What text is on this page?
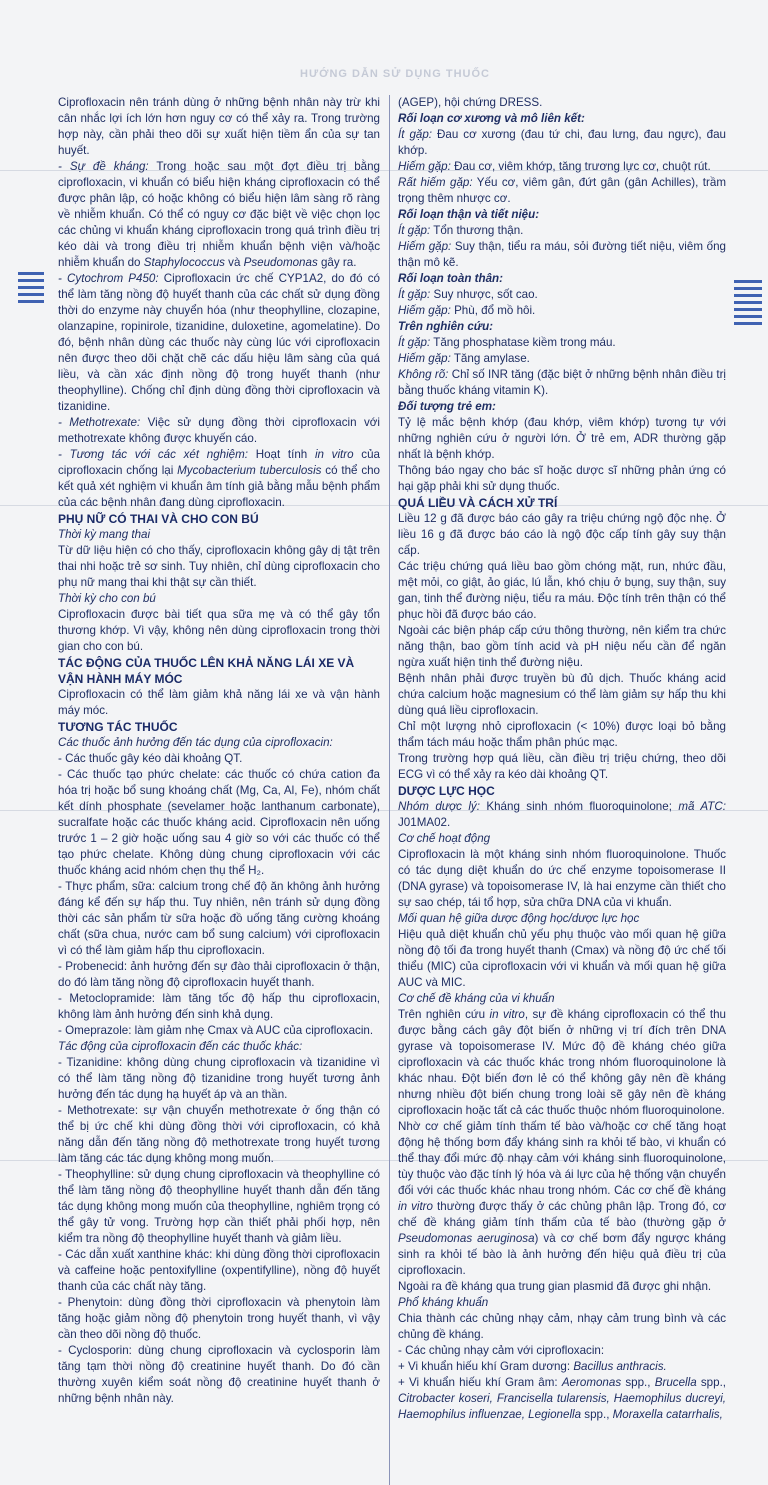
HƯỚNG DẪN SỬ DỤNG THUỐC

Ciprofloxacin nên tránh dùng ở những bệnh nhân này trừ khi cân nhắc lợi ích lớn hơn nguy cơ có thể xảy ra. Trong trường hợp này, cần phải theo dõi sự xuất hiện tiềm ẩn của sự tan huyết.

- Sự đề kháng: Trong hoặc sau một đợt điều trị bằng ciprofloxacin, vi khuẩn có biểu hiện kháng ciprofloxacin có thể được phân lập, có hoặc không có biểu hiện lâm sàng rõ ràng về nhiễm khuẩn. Có thể có nguy cơ đặc biệt về việc chọn lọc các chủng vi khuẩn kháng ciprofloxacin trong quá trình điều trị kéo dài và trong điều trị nhiễm khuẩn bệnh viện và/hoặc nhiễm khuẩn do Staphylococcus và Pseudomonas gây ra.

- Cytochrom P450: Ciprofloxacin ức chế CYP1A2, do đó có thể làm tăng nồng độ huyết thanh của các chất sử dụng đồng thời do enzyme này chuyển hóa (như theophylline, clozapine, olanzapine, ropinirole, tizanidine, duloxetine, agomelatine). Do đó, bệnh nhân dùng các thuốc này cùng lúc với ciprofloxacin nên được theo dõi chặt chẽ các dấu hiệu lâm sàng của quá liều, và cần xác định nồng độ trong huyết thanh (như theophylline). Chống chỉ định dùng đồng thời ciprofloxacin và tizanidine.

- Methotrexate: Việc sử dụng đồng thời ciprofloxacin với methotrexate không được khuyến cáo.

- Tương tác với các xét nghiệm: Hoạt tính in vitro của ciprofloxacin chống lại Mycobacterium tuberculosis có thể cho kết quả xét nghiệm vi khuẩn âm tính giả bằng mẫu bệnh phẩm của các bệnh nhân đang dùng ciprofloxacin.

PHỤ NỮ CÓ THAI VÀ CHO CON BÚ

Thời kỳ mang thai

Từ dữ liệu hiện có cho thấy, ciprofloxacin không gây dị tật trên thai nhi hoặc trẻ sơ sinh. Tuy nhiên, chỉ dùng ciprofloxacin cho phụ nữ mang thai khi thật sự cần thiết.

Thời kỳ cho con bú

Ciprofloxacin được bài tiết qua sữa mẹ và có thể gây tổn thương khớp. Vì vậy, không nên dùng ciprofloxacin trong thời gian cho con bú.

TÁC ĐỘNG CỦA THUỐC LÊN KHẢ NĂNG LÁI XE VÀ VẬN HÀNH MÁY MÓC

Ciprofloxacin có thể làm giảm khả năng lái xe và vận hành máy móc.

TƯƠNG TÁC THUỐC

Các thuốc ảnh hưởng đến tác dụng của ciprofloxacin:

- Các thuốc gây kéo dài khoảng QT.

- Các thuốc tạo phức chelate: các thuốc có chứa cation đa hóa trị hoặc bổ sung khoáng chất (Mg, Ca, Al, Fe), nhóm chất kết dính phosphate (sevelamer hoặc lanthanum carbonate), sucralfate hoặc các thuốc kháng acid. Ciprofloxacin nên uống trước 1 – 2 giờ hoặc uống sau 4 giờ so với các thuốc có thể tạo phức chelate. Không dùng chung ciprofloxacin với các thuốc kháng acid nhóm chẹn thụ thể H₂.

- Thực phẩm, sữa: calcium trong chế độ ăn không ảnh hưởng đáng kể đến sự hấp thu. Tuy nhiên, nên tránh sử dụng đồng thời các sản phẩm từ sữa hoặc đồ uống tăng cường khoáng chất (sữa chua, nước cam bổ sung calcium) với ciprofloxacin vì có thể làm giảm hấp thu ciprofloxacin.

- Probenecid: ảnh hưởng đến sự đào thải ciprofloxacin ở thận, do đó làm tăng nồng độ ciprofloxacin huyết thanh.

- Metoclopramide: làm tăng tốc độ hấp thu ciprofloxacin, không làm ảnh hưởng đến sinh khả dụng.

- Omeprazole: làm giảm nhẹ Cmax và AUC của ciprofloxacin.

Tác động của ciprofloxacin đến các thuốc khác:

- Tizanidine: không dùng chung ciprofloxacin và tizanidine vì có thể làm tăng nồng độ tizanidine trong huyết tương ảnh hưởng đến tác dụng hạ huyết áp và an thần.

- Methotrexate: sự vận chuyển methotrexate ở ống thận có thể bị ức chế khi dùng đồng thời với ciprofloxacin, có khả năng dẫn đến tăng nồng độ methotrexate trong huyết tương làm tăng các tác dụng không mong muốn.

- Theophylline: sử dụng chung ciprofloxacin và theophylline có thể làm tăng nồng độ theophylline huyết thanh dẫn đến tăng tác dụng không mong muốn của theophylline, nghiêm trọng có thể gây tử vong. Trường hợp cần thiết phải phối hợp, nên kiểm tra nồng độ theophylline huyết thanh và giảm liều.

- Các dẫn xuất xanthine khác: khi dùng đồng thời ciprofloxacin và caffeine hoặc pentoxifylline (oxpentifylline), nồng độ huyết thanh của các chất này tăng.

- Phenytoin: dùng đồng thời ciprofloxacin và phenytoin làm tăng hoặc giảm nồng độ phenytoin trong huyết thanh, vì vậy cần theo dõi nồng độ thuốc.

- Cyclosporin: dùng chung ciprofloxacin và cyclosporin làm tăng tạm thời nồng độ creatinine huyết thanh. Do đó cần thường xuyên kiểm soát nồng độ creatinine huyết thanh ở những bệnh nhân này.

(AGEP), hội chứng DRESS.

Rối loạn cơ xương và mô liên kết:

Ít gặp: Đau cơ xương (đau tứ chi, đau lưng, đau ngực), đau khớp.

Hiếm gặp: Đau cơ, viêm khớp, tăng trương lực cơ, chuột rút.

Rất hiếm gặp: Yếu cơ, viêm gân, đứt gân (gân Achilles), trầm trọng thêm nhược cơ.

Rối loạn thận và tiết niệu:

Ít gặp: Tổn thương thận.

Hiếm gặp: Suy thận, tiểu ra máu, sỏi đường tiết niệu, viêm ống thận mô kẽ.

Rối loạn toàn thân:

Ít gặp: Suy nhược, sốt cao.

Hiếm gặp: Phù, đổ mồ hôi.

Trên nghiên cứu:

Ít gặp: Tăng phosphatase kiềm trong máu.

Hiếm gặp: Tăng amylase.

Không rõ: Chỉ số INR tăng (đặc biệt ở những bệnh nhân điều trị bằng thuốc kháng vitamin K).

Đối tượng trẻ em:

Tỷ lệ mắc bệnh khớp (đau khớp, viêm khớp) tương tự với những nghiên cứu ở người lớn. Ở trẻ em, ADR thường gặp nhất là bệnh khớp.

Thông báo ngay cho bác sĩ hoặc dược sĩ những phản ứng có hại gặp phải khi sử dụng thuốc.

QUÁ LIỀU VÀ CÁCH XỬ TRÍ

Liều 12 g đã được báo cáo gây ra triệu chứng ngộ độc nhẹ. Ở liều 16 g đã được báo cáo là ngộ độc cấp tính gây suy thận cấp.

Các triệu chứng quá liều bao gồm chóng mặt, run, nhức đầu, mệt mỏi, co giật, ảo giác, lú lẫn, khó chịu ở bụng, suy thận, suy gan, tinh thể đường niệu, tiểu ra máu. Độc tính trên thận có thể phục hồi đã được báo cáo.

Ngoài các biện pháp cấp cứu thông thường, nên kiểm tra chức năng thận, bao gồm tính acid và pH niệu nếu cần để ngăn ngừa xuất hiện tinh thể đường niệu.

Bệnh nhân phải được truyền bù đủ dịch. Thuốc kháng acid chứa calcium hoặc magnesium có thể làm giảm sự hấp thu khi dùng quá liều ciprofloxacin.

Chỉ một lượng nhỏ ciprofloxacin (< 10%) được loại bỏ bằng thẩm tách máu hoặc thẩm phân phúc mạc.

Trong trường hợp quá liều, cần điều trị triệu chứng, theo dõi ECG vì có thể xảy ra kéo dài khoảng QT.

DƯỢC LỰC HỌC

Nhóm dược lý: Kháng sinh nhóm fluoroquinolone; mã ATC: J01MA02.

Cơ chế hoạt động

Ciprofloxacin là một kháng sinh nhóm fluoroquinolone. Thuốc có tác dụng diệt khuẩn do ức chế enzyme topoisomerase II (DNA gyrase) và topoisomerase IV, là hai enzyme cần thiết cho sự sao chép, tái tổ hợp, sửa chữa DNA của vi khuẩn.

Mối quan hệ giữa dược động học/dược lực học

Hiệu quả diệt khuẩn chủ yếu phụ thuộc vào mối quan hệ giữa nồng độ tối đa trong huyết thanh (Cmax) và nồng độ ức chế tối thiểu (MIC) của ciprofloxacin với vi khuẩn và mối quan hệ giữa AUC và MIC.

Cơ chế đề kháng của vi khuẩn

Trên nghiên cứu in vitro, sự đề kháng ciprofloxacin có thể thu được bằng cách gây đột biến ở những vị trí đích trên DNA gyrase và topoisomerase IV. Mức độ đề kháng chéo giữa ciprofloxacin và các thuốc khác trong nhóm fluoroquinolone là khác nhau. Đột biến đơn lẻ có thể không gây nên đề kháng nhưng nhiều đột biến chung trong loài sẽ gây nên đề kháng ciprofloxacin hoặc tất cả các thuốc thuộc nhóm fluoroquinolone.

Nhờ cơ chế giảm tính thấm tế bào và/hoặc cơ chế tăng hoạt động hệ thống bơm đẩy kháng sinh ra khỏi tế bào, vi khuẩn có thể thay đổi mức độ nhạy cảm với kháng sinh fluoroquinolone, tùy thuộc vào đặc tính lý hóa và ái lực của hệ thống vận chuyển đối với các thuốc khác nhau trong nhóm. Các cơ chế đề kháng in vitro thường được thấy ở các chủng phân lập. Trong đó, cơ chế đề kháng giảm tính thấm của tế bào (thường gặp ở Pseudomonas aeruginosa) và cơ chế bơm đẩy ngược kháng sinh ra khỏi tế bào là ảnh hưởng đến hiệu quả điều trị của ciprofloxacin.

Ngoài ra đề kháng qua trung gian plasmid đã được ghi nhận.

Phổ kháng khuẩn

Chia thành các chủng nhạy cảm, nhạy cảm trung bình và các chủng đề kháng.

- Các chủng nhạy cảm với ciprofloxacin:

+ Vi khuẩn hiếu khí Gram dương: Bacillus anthracis.

+ Vi khuẩn hiếu khí Gram âm: Aeromonas spp., Brucella spp., Citrobacter koseri, Francisella tularensis, Haemophilus ducreyi, Haemophilus influenzae, Legionella spp., Moraxella catarrhalis,
